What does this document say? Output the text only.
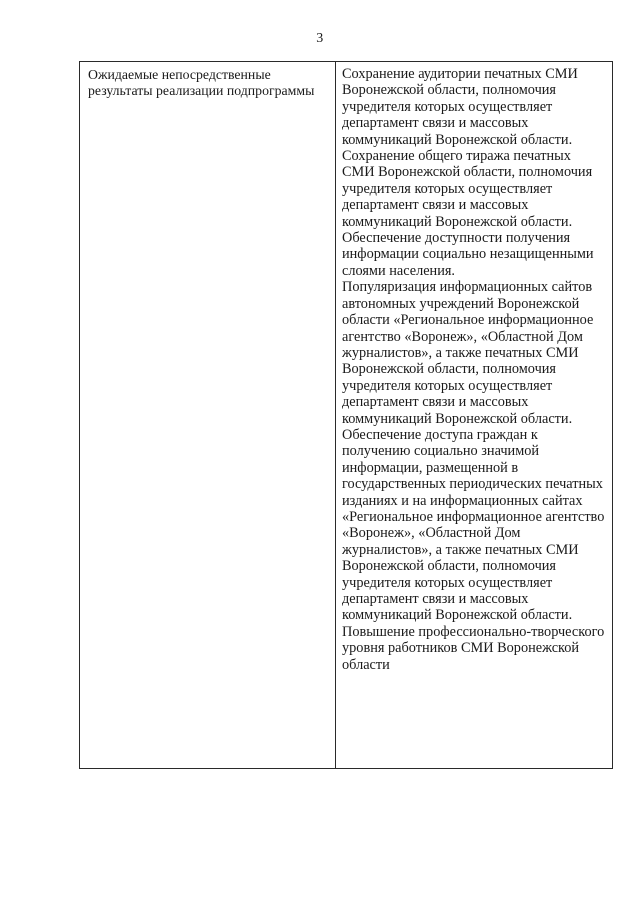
3

Ожидаемые непосредственные результаты реализации подпрограммы

Сохранение аудитории печатных СМИ Воронежской области, полномочия учредителя которых осуществляет департамент связи и массовых коммуникаций Воронежской области.

Сохранение общего тиража печатных СМИ Воронежской области, полномочия учредителя которых осуществляет департамент связи и массовых коммуникаций Воронежской области.

Обеспечение доступности получения информации социально незащищенными слоями населения.

Популяризация информационных сайтов автономных учреждений Воронежской области «Региональное информационное агентство «Воронеж», «Областной Дом журналистов», а также печатных СМИ Воронежской области, полномочия учредителя которых осуществляет департамент связи и массовых коммуникаций Воронежской области.

Обеспечение доступа граждан к получению социально значимой информации, размещенной в государственных периодических печатных изданиях и на информационных сайтах «Региональное информационное агентство «Воронеж», «Областной Дом журналистов», а также печатных СМИ Воронежской области, полномочия учредителя которых осуществляет департамент связи и массовых коммуникаций Воронежской области.

Повышение профессионально-творческого уровня работников СМИ Воронежской области
